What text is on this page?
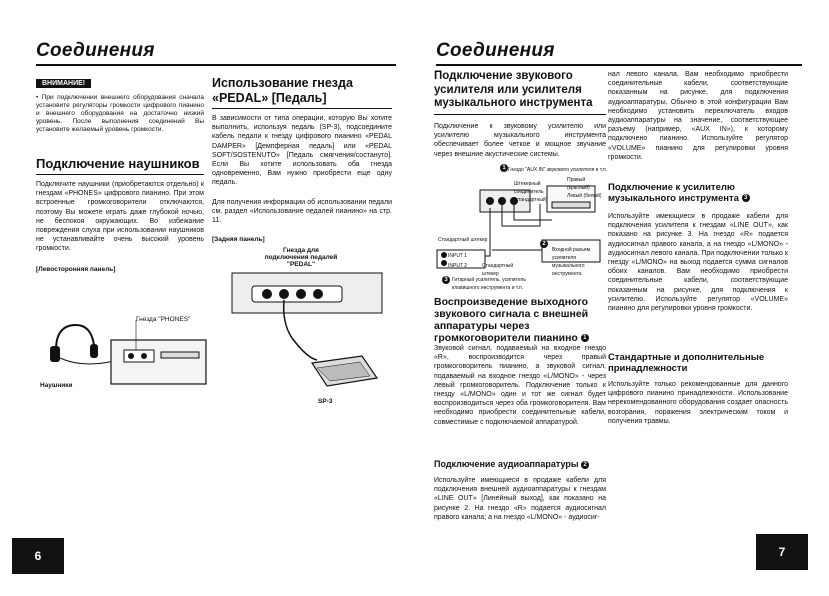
Соединения
ВНИМАНИЕ!
• При подключении внешнего оборудования сначала установите регуляторы громкости цифрового пианино и внешнего оборудования на достаточно низкий уровень. После выполнения соединений Вы установите желаемый уровень громкости.
Подключение наушников
Подключите наушники (приобретаются отдельно) к гнездам «PHONES» цифрового пианино. При этом встроенные громкоговорители отключаются, поэтому Вы можете играть даже глубокой ночью, не беспокоя окружающих. Во избежание повреждения слуха при использовании наушников не устанавливайте очень высокий уровень громкости.
[Левосторонняя панель]
Гнезда "PHONES"
Наушники
Использование гнезда «PEDAL» [Педаль]
В зависимости от типа операции, которую Вы хотите выполнить, используя педаль (SP-3), подсоедините кабель педали к гнезду цифрового пианино «PEDAL DAMPER» [Демпферная педаль] или «PEDAL SOFT/SOSTENUTO» [Педаль смягчения/состануто]. Если Вы хотите использовать оба гнезда одновременно, Вам нужно приобрести еще одну педаль.
Для получения информации об использовании педали см. раздел «Использование педалей пианино» на стр. 11.
[Задняя панель]
Гнезда для подключения педалей "PEDAL"
SP-3
6
Соединения
Подключение звукового усилителя или усилителя музыкального инструмента
Подключение к звуковому усилителю или усилителю музыкального инструмента обеспечивает более четкое и мощное звучание через внешние акустические системы.
Гнездо "AUX IN" звукового усилителя и т.п.
Правый (красный)
Левый (белый)
Штекерный соединитель (стандартный)
Стандартный штекер
Входной разъем усилителя музыкального инструмента
INPUT 1
INPUT 2	Стандартный штекер
Гитарный усилитель, усилитель клавишного инструмента и т.п.
1
2
3
Воспроизведение выходного звукового сигнала с внешней аппаратуры через громкоговорители пианино 1
Звуковой сигнал, подаваемый на входное гнездо «R», воспроизводится через правый громкоговоритель пианино, а звуковой сигнал, подаваемый на входное гнездо «L/MONO» - через левый громкоговоритель. Подключение только к гнезду «L/MONO» один и тот же сигнал будет воспроизводиться через оба громкоговорителя. Вам необходимо приобрести соединительные кабели, совместимые с подключаемой аппаратурой.
Подключение аудиоаппаратуры 2
Используйте имеющиеся в продаже кабели для подключения внешней аудиоаппаратуры к гнездам «LINE OUT» [Линейный выход], как показано на рисунке 2. На гнездо «R» подается аудиосигнал правого канала; а на гнездо «L/MONO» - аудиосиг-
нал левого канала. Вам необходимо приобрести соединительные кабели, соответствующие показанным на рисунке, для подключения аудиоаппаратуры. Обычно в этой конфигурации Вам необходимо установить переключатель входов аудиоаппаратуры на значение, соответствующее разъему (например, «AUX IN»), к которому подключено пианино. Используйте регулятор «VOLUME» пианино для регулировки уровня громкости.
Подключение к усилителю музыкального инструмента 3
Используйте имеющиеся в продаже кабели для подключения усилителя к гнездам «LINE OUT», как показано на рисунке 3. На гнездо «R» подается аудиосигнал правого канала, а на гнездо «L/MONO» - аудиосигнал левого канала. При подключении только к гнезду «L/MONO» на выход подается сумма сигналов обоих каналов. Вам необходимо приобрести соединительные кабели, соответствующие показанным на рисунке, для подключения к усилителю. Используйте регулятор «VOLUME» пианино для регулировки уровня громкости.
Стандартные и дополнительные принадлежности
Используйте только рекомендованные для данного цифрового пианино принадлежности. Использование нерекомендованного оборудования создает опасность возгорания, поражения электрическим током и получения травмы.
7
